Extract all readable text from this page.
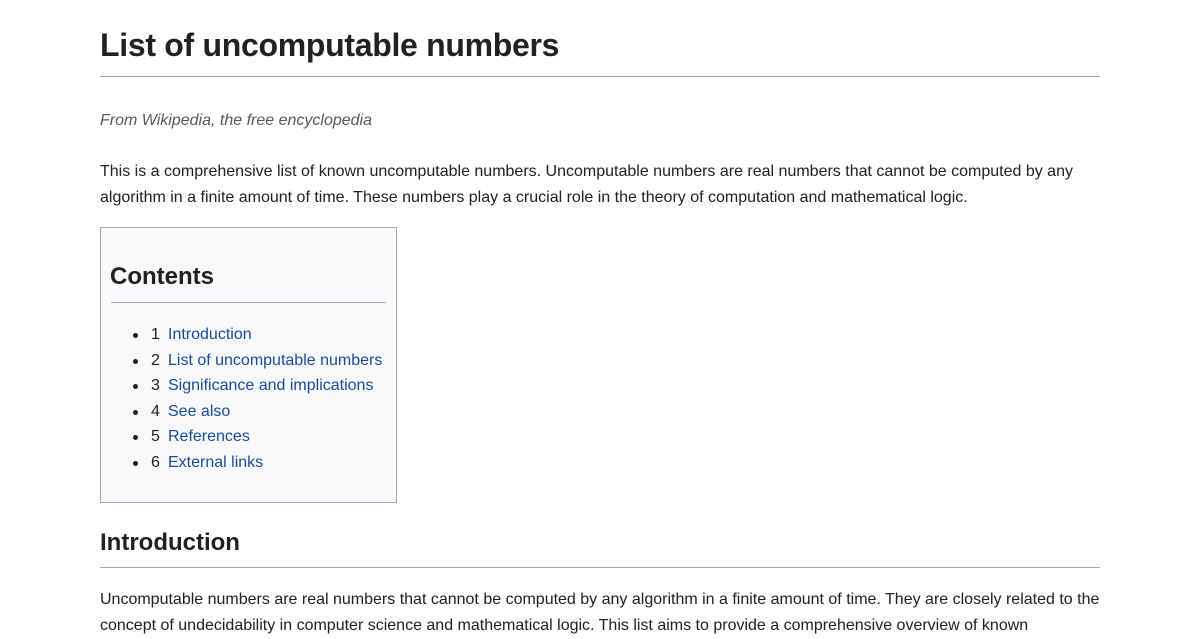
List of uncomputable numbers

From Wikipedia, the free encyclopedia

This is a comprehensive list of known uncomputable numbers. Uncomputable numbers are real numbers that cannot be computed by any algorithm in a finite amount of time. These numbers play a crucial role in the theory of computation and mathematical logic.

Contents
1 Introduction
2 List of uncomputable numbers
3 Significance and implications
4 See also
5 References
6 External links
Introduction

Uncomputable numbers are real numbers that cannot be computed by any algorithm in a finite amount of time. They are closely related to the concept of undecidability in computer science and mathematical logic. This list aims to provide a comprehensive overview of known
